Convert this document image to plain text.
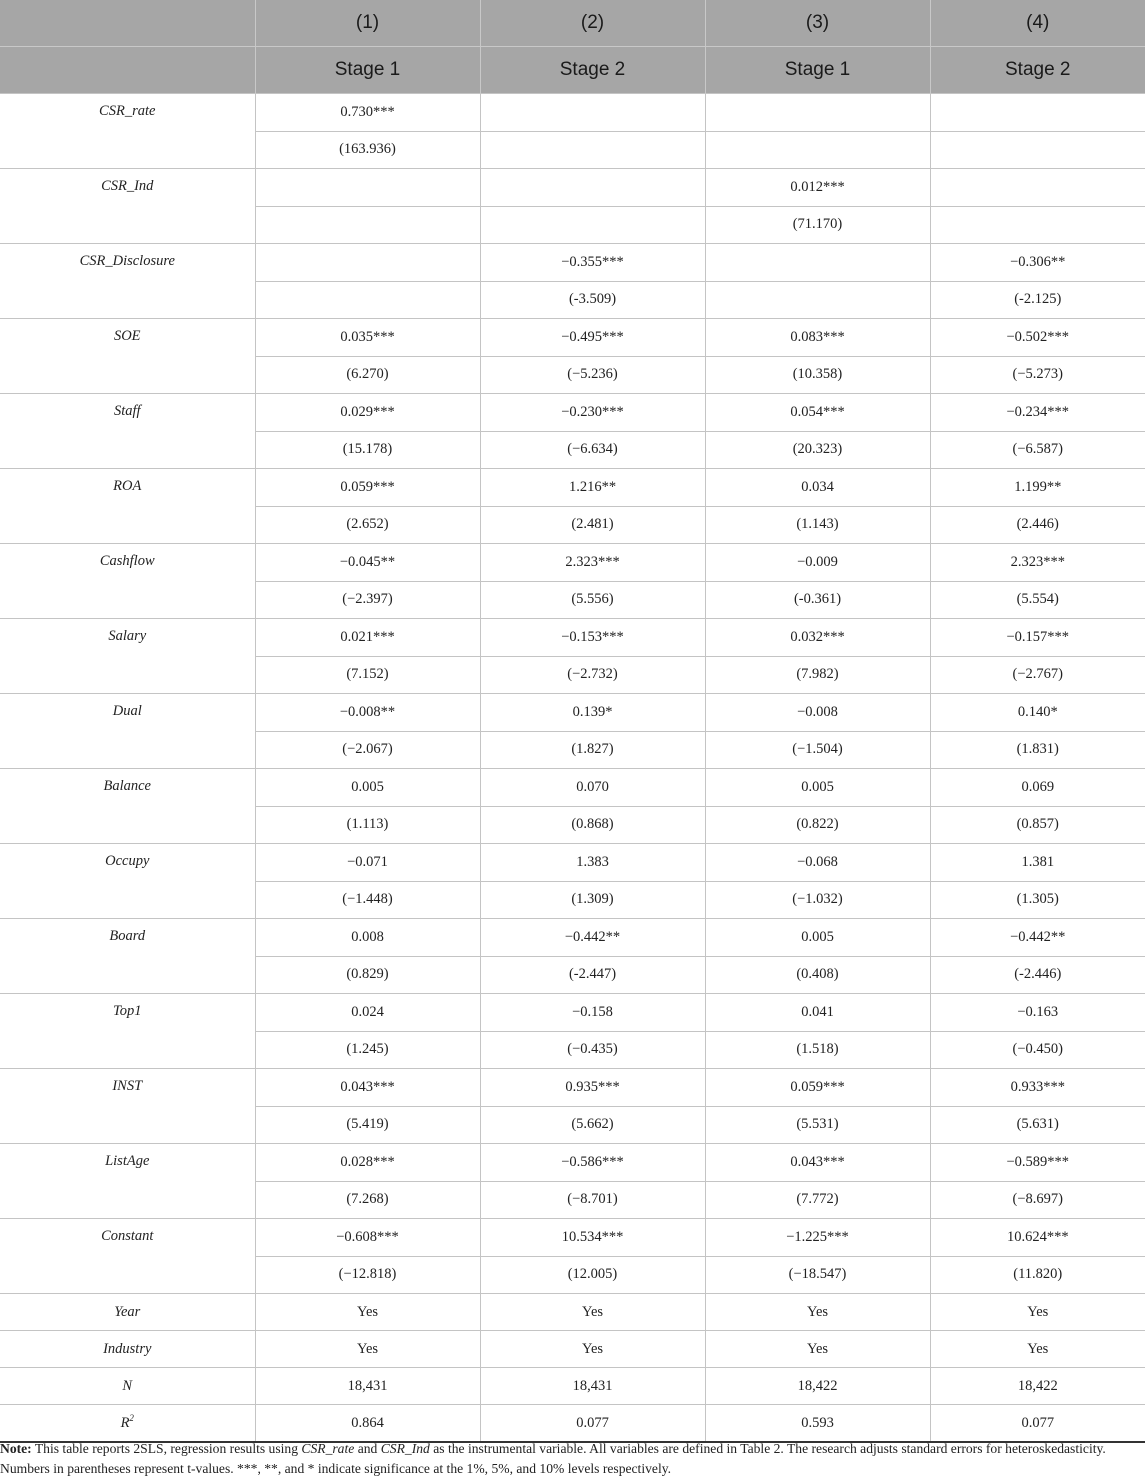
	(1)	(2)	(3)	(4)
	Stage 1	Stage 2	Stage 1	Stage 2
CSR_rate	0.730***			
	(163.936)			
CSR_Ind			0.012***	
			(71.170)	
CSR_Disclosure		−0.355***		−0.306**
		(-3.509)		(-2.125)
SOE	0.035***	−0.495***	0.083***	−0.502***
	(6.270)	(−5.236)	(10.358)	(−5.273)
Staff	0.029***	−0.230***	0.054***	−0.234***
	(15.178)	(−6.634)	(20.323)	(−6.587)
ROA	0.059***	1.216**	0.034	1.199**
	(2.652)	(2.481)	(1.143)	(2.446)
Cashflow	−0.045**	2.323***	−0.009	2.323***
	(−2.397)	(5.556)	(-0.361)	(5.554)
Salary	0.021***	−0.153***	0.032***	−0.157***
	(7.152)	(−2.732)	(7.982)	(−2.767)
Dual	−0.008**	0.139*	−0.008	0.140*
	(−2.067)	(1.827)	(−1.504)	(1.831)
Balance	0.005	0.070	0.005	0.069
	(1.113)	(0.868)	(0.822)	(0.857)
Occupy	−0.071	1.383	−0.068	1.381
	(−1.448)	(1.309)	(−1.032)	(1.305)
Board	0.008	−0.442**	0.005	−0.442**
	(0.829)	(-2.447)	(0.408)	(-2.446)
Top1	0.024	−0.158	0.041	−0.163
	(1.245)	(−0.435)	(1.518)	(−0.450)
INST	0.043***	0.935***	0.059***	0.933***
	(5.419)	(5.662)	(5.531)	(5.631)
ListAge	0.028***	−0.586***	0.043***	−0.589***
	(7.268)	(−8.701)	(7.772)	(−8.697)
Constant	−0.608***	10.534***	−1.225***	10.624***
	(−12.818)	(12.005)	(−18.547)	(11.820)
Year	Yes	Yes	Yes	Yes
Industry	Yes	Yes	Yes	Yes
N	18,431	18,431	18,422	18,422
$R^2$	0.864	0.077	0.593	0.077
Note: This table reports 2SLS, regression results using CSR_rate and CSR_Ind as the instrumental variable. All variables are defined in Table 2. The research adjusts standard errors for heteroskedasticity. Numbers in parentheses represent t-values. ***, **, and * indicate significance at the 1%, 5%, and 10% levels respectively.
